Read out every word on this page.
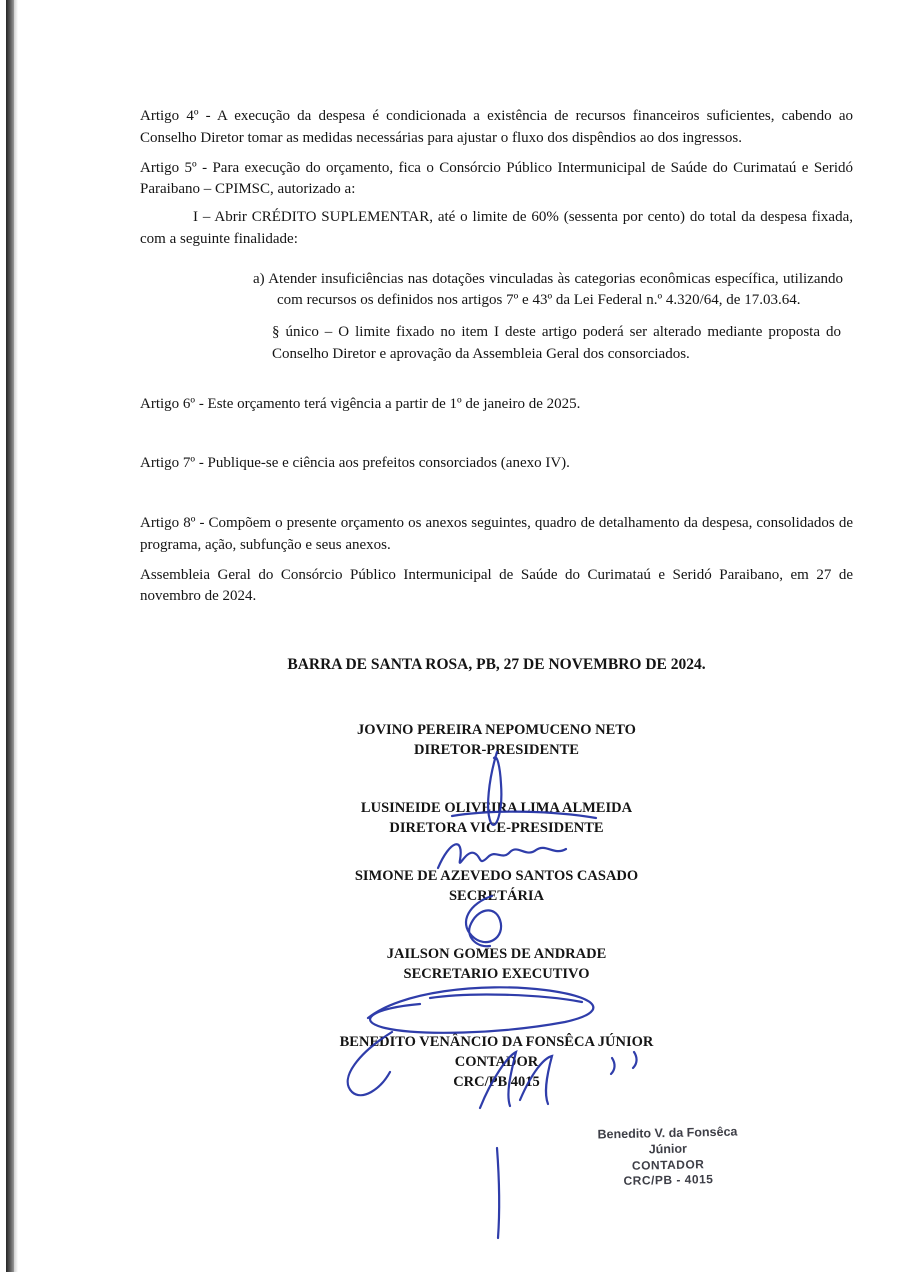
Artigo 4º - A execução da despesa é condicionada a existência de recursos financeiros suficientes, cabendo ao Conselho Diretor tomar as medidas necessárias para ajustar o fluxo dos dispêndios ao dos ingressos.

Artigo 5º - Para execução do orçamento, fica o Consórcio Público Intermunicipal de Saúde do Curimataú e Seridó Paraibano – CPIMSC, autorizado a:

I – Abrir CRÉDITO SUPLEMENTAR, até o limite de 60% (sessenta por cento) do total da despesa fixada, com a seguinte finalidade:

a) Atender insuficiências nas dotações vinculadas às categorias econômicas específica, utilizando com recursos os definidos nos artigos 7º e 43º da Lei Federal n.º 4.320/64, de 17.03.64.

§ único – O limite fixado no item I deste artigo poderá ser alterado mediante proposta do Conselho Diretor e aprovação da Assembleia Geral dos consorciados.

Artigo 6º - Este orçamento terá vigência a partir de 1º de janeiro de 2025.

Artigo 7º - Publique-se e ciência aos prefeitos consorciados (anexo IV).

Artigo 8º - Compõem o presente orçamento os anexos seguintes, quadro de detalhamento da despesa, consolidados de programa, ação, subfunção e seus anexos.

Assembleia Geral do Consórcio Público Intermunicipal de Saúde do Curimataú e Seridó Paraibano, em 27 de novembro de 2024.

BARRA DE SANTA ROSA, PB, 27 DE NOVEMBRO DE 2024.
JOVINO PEREIRA NEPOMUCENO NETO
DIRETOR-PRESIDENTE
LUSINEIDE OLIVEIRA LIMA ALMEIDA
DIRETORA VICE-PRESIDENTE
SIMONE DE AZEVEDO SANTOS CASADO
SECRETÁRIA
JAILSON GOMES DE ANDRADE
SECRETARIO EXECUTIVO
BENEDITO VENÂNCIO DA FONSÊCA JÚNIOR
CONTADOR
CRC/PB 4015
Benedito V. da Fonsêca Júnior
CONTADOR
CRC/PB - 4015
